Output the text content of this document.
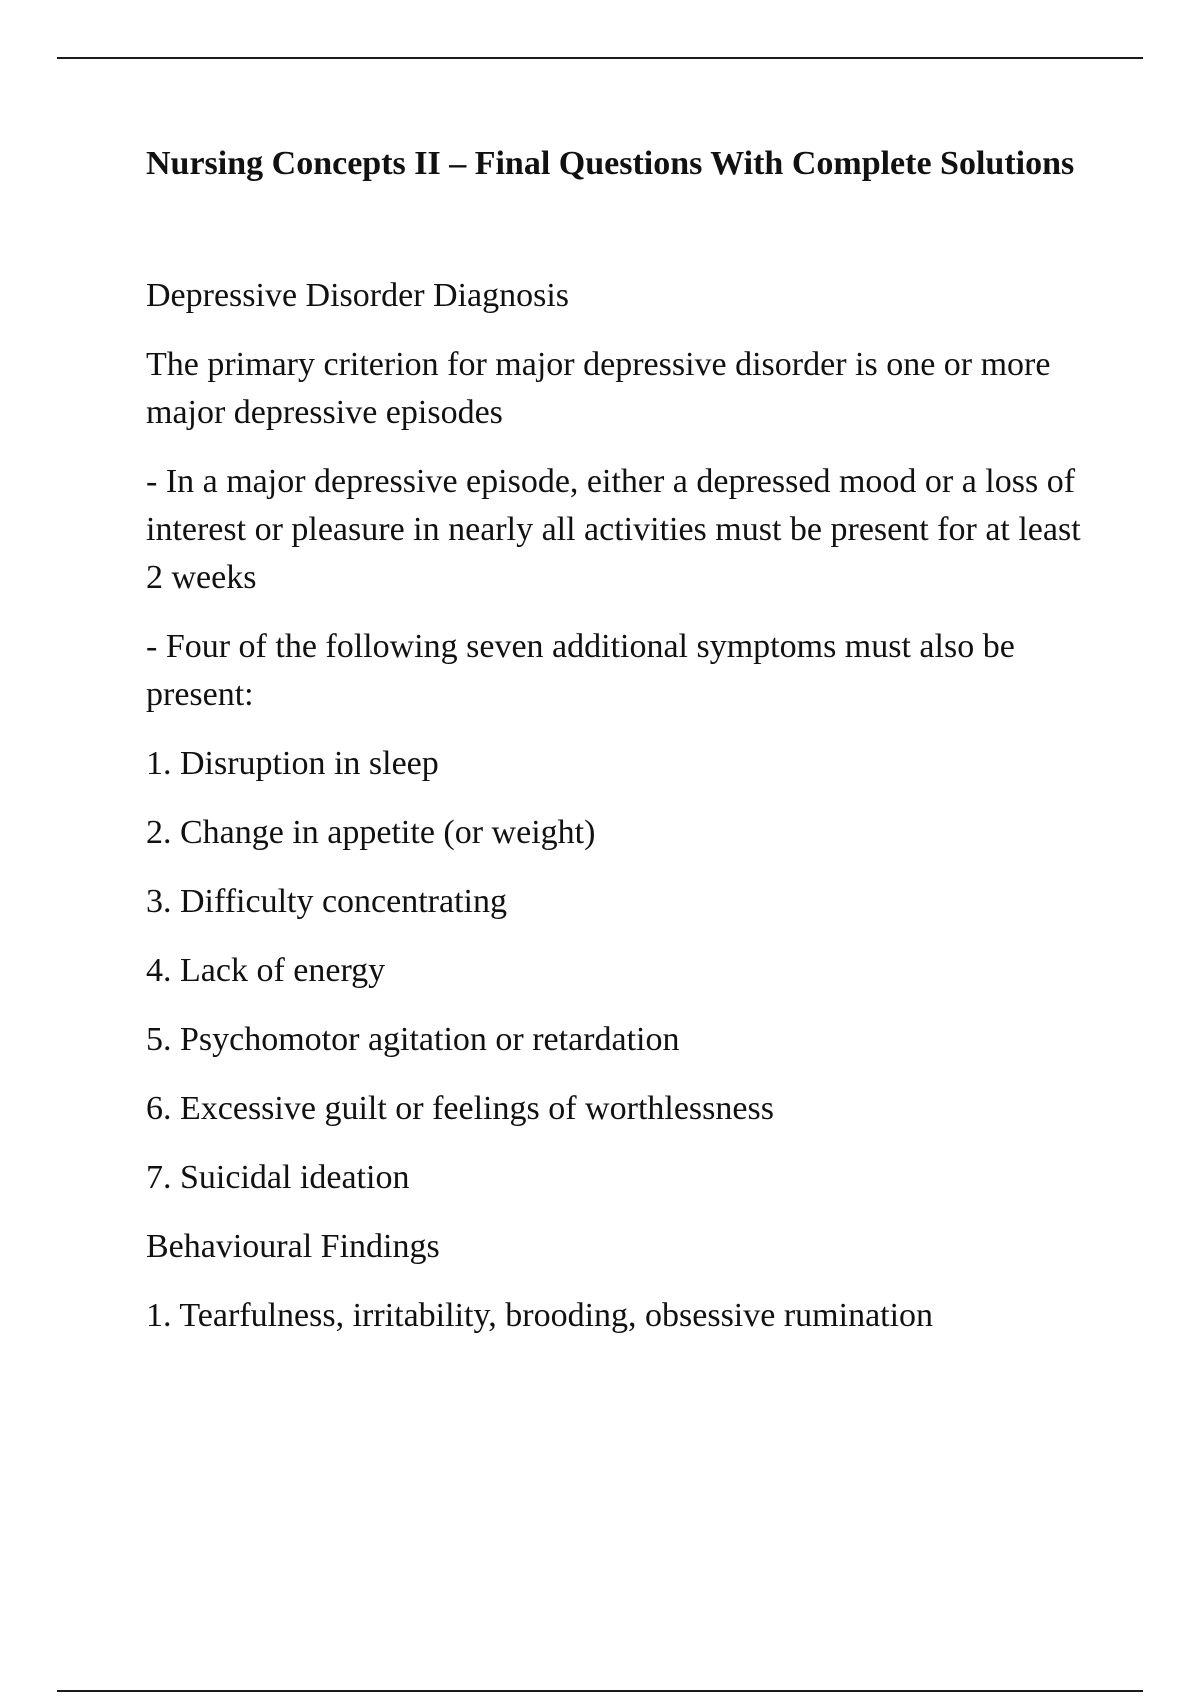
Nursing Concepts II – Final Questions With Complete Solutions

Depressive Disorder Diagnosis

The primary criterion for major depressive disorder is one or more major depressive episodes

- In a major depressive episode, either a depressed mood or a loss of interest or pleasure in nearly all activities must be present for at least 2 weeks

- Four of the following seven additional symptoms must also be present:

1. Disruption in sleep

2. Change in appetite (or weight)

3. Difficulty concentrating

4. Lack of energy

5. Psychomotor agitation or retardation

6. Excessive guilt or feelings of worthlessness

7. Suicidal ideation

Behavioural Findings

1. Tearfulness, irritability, brooding, obsessive rumination
